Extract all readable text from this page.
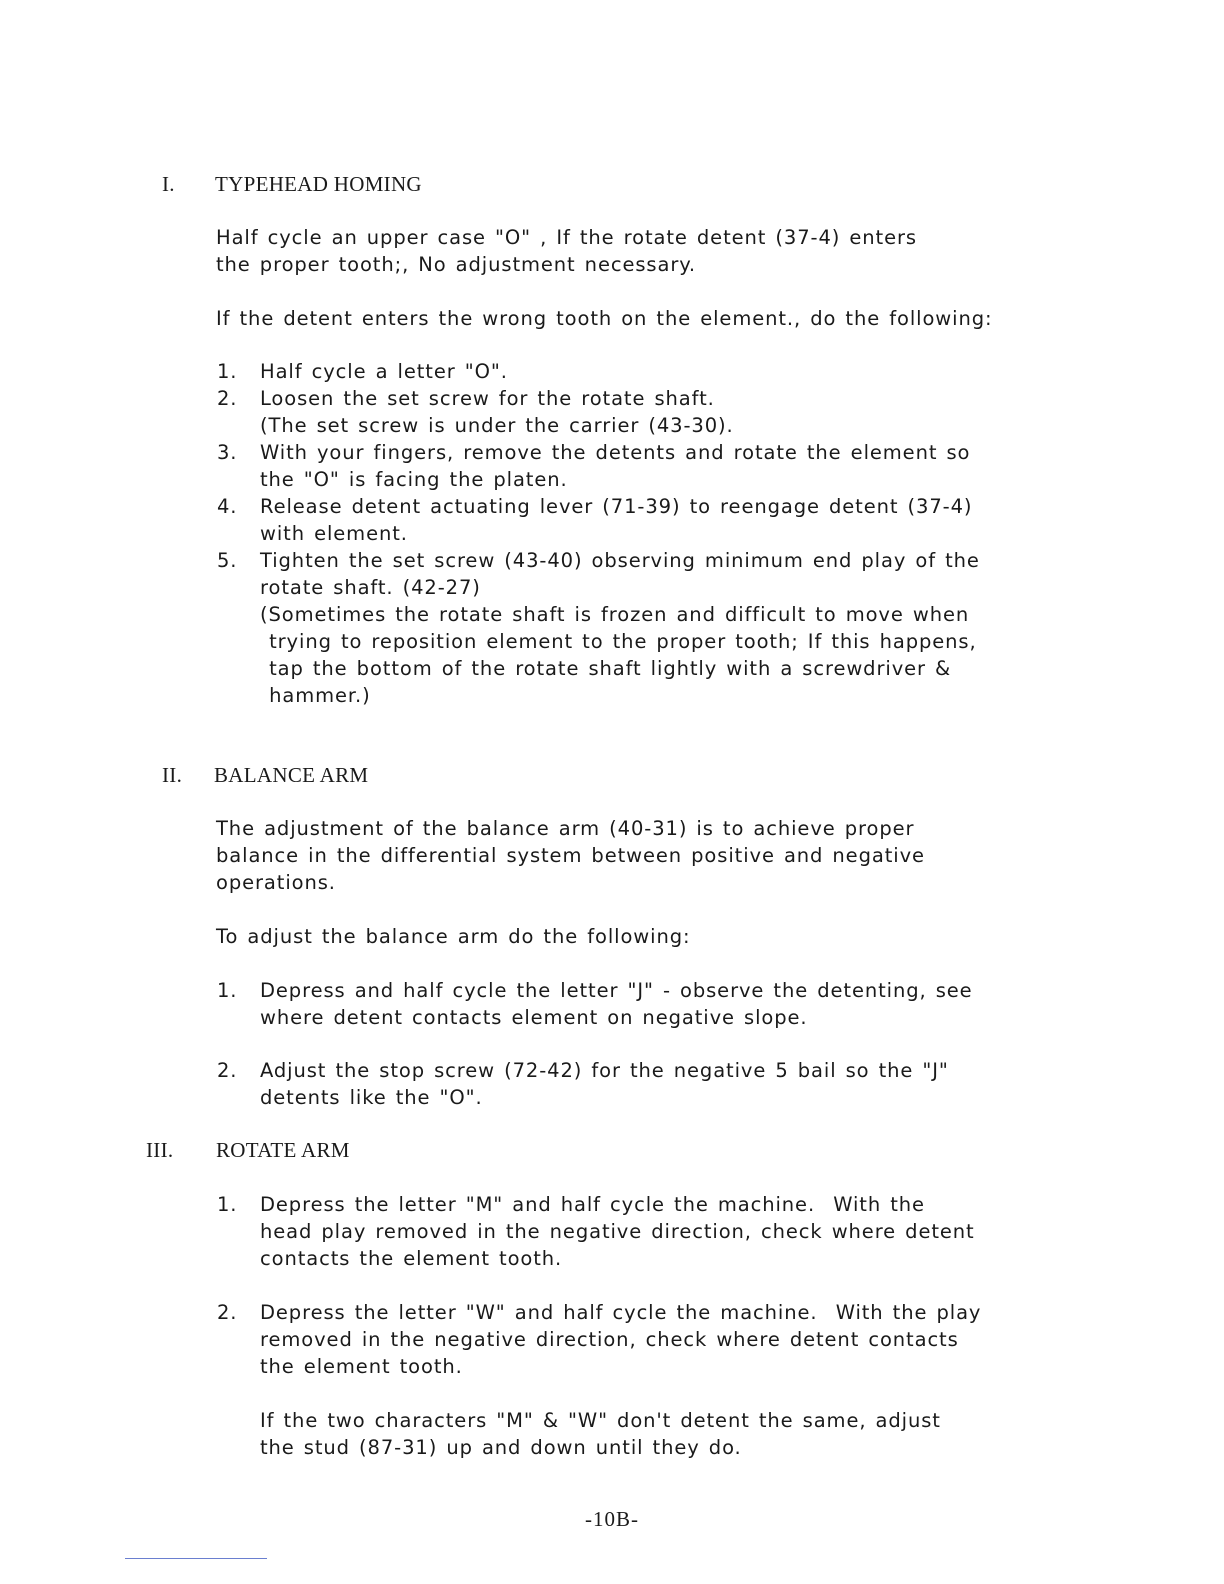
I. TYPEHEAD HOMING
Half cycle an upper case "O" , If the rotate detent (37-4) enters
the proper tooth;, No adjustment necessary.
If the detent enters the wrong tooth on the element., do the following:
1. Half cycle a letter "O".
2. Loosen the set screw for the rotate shaft.
(The set screw is under the carrier (43-30).
3. With your fingers, remove the detents and rotate the element so
the "O" is facing the platen.
4. Release detent actuating lever (71-39) to reengage detent (37-4)
with element.
5. Tighten the set screw (43-40) observing minimum end play of the
rotate shaft. (42-27)
(Sometimes the rotate shaft is frozen and difficult to move when
trying to reposition element to the proper tooth; If this happens,
tap the bottom of the rotate shaft lightly with a screwdriver &
hammer.)
II. BALANCE ARM
The adjustment of the balance arm (40-31) is to achieve proper
balance in the differential system between positive and negative
operations.
To adjust the balance arm do the following:
1. Depress and half cycle the letter "J" - observe the detenting, see
where detent contacts element on negative slope.
2. Adjust the stop screw (72-42) for the negative 5 bail so the "J"
detents like the "O".
III. ROTATE ARM
1. Depress the letter "M" and half cycle the machine.  With the
head play removed in the negative direction, check where detent
contacts the element tooth.
2. Depress the letter "W" and half cycle the machine.  With the play
removed in the negative direction, check where detent contacts
the element tooth.

If the two characters "M" & "W" don't detent the same, adjust
the stud (87-31) up and down until they do.
-10B-
